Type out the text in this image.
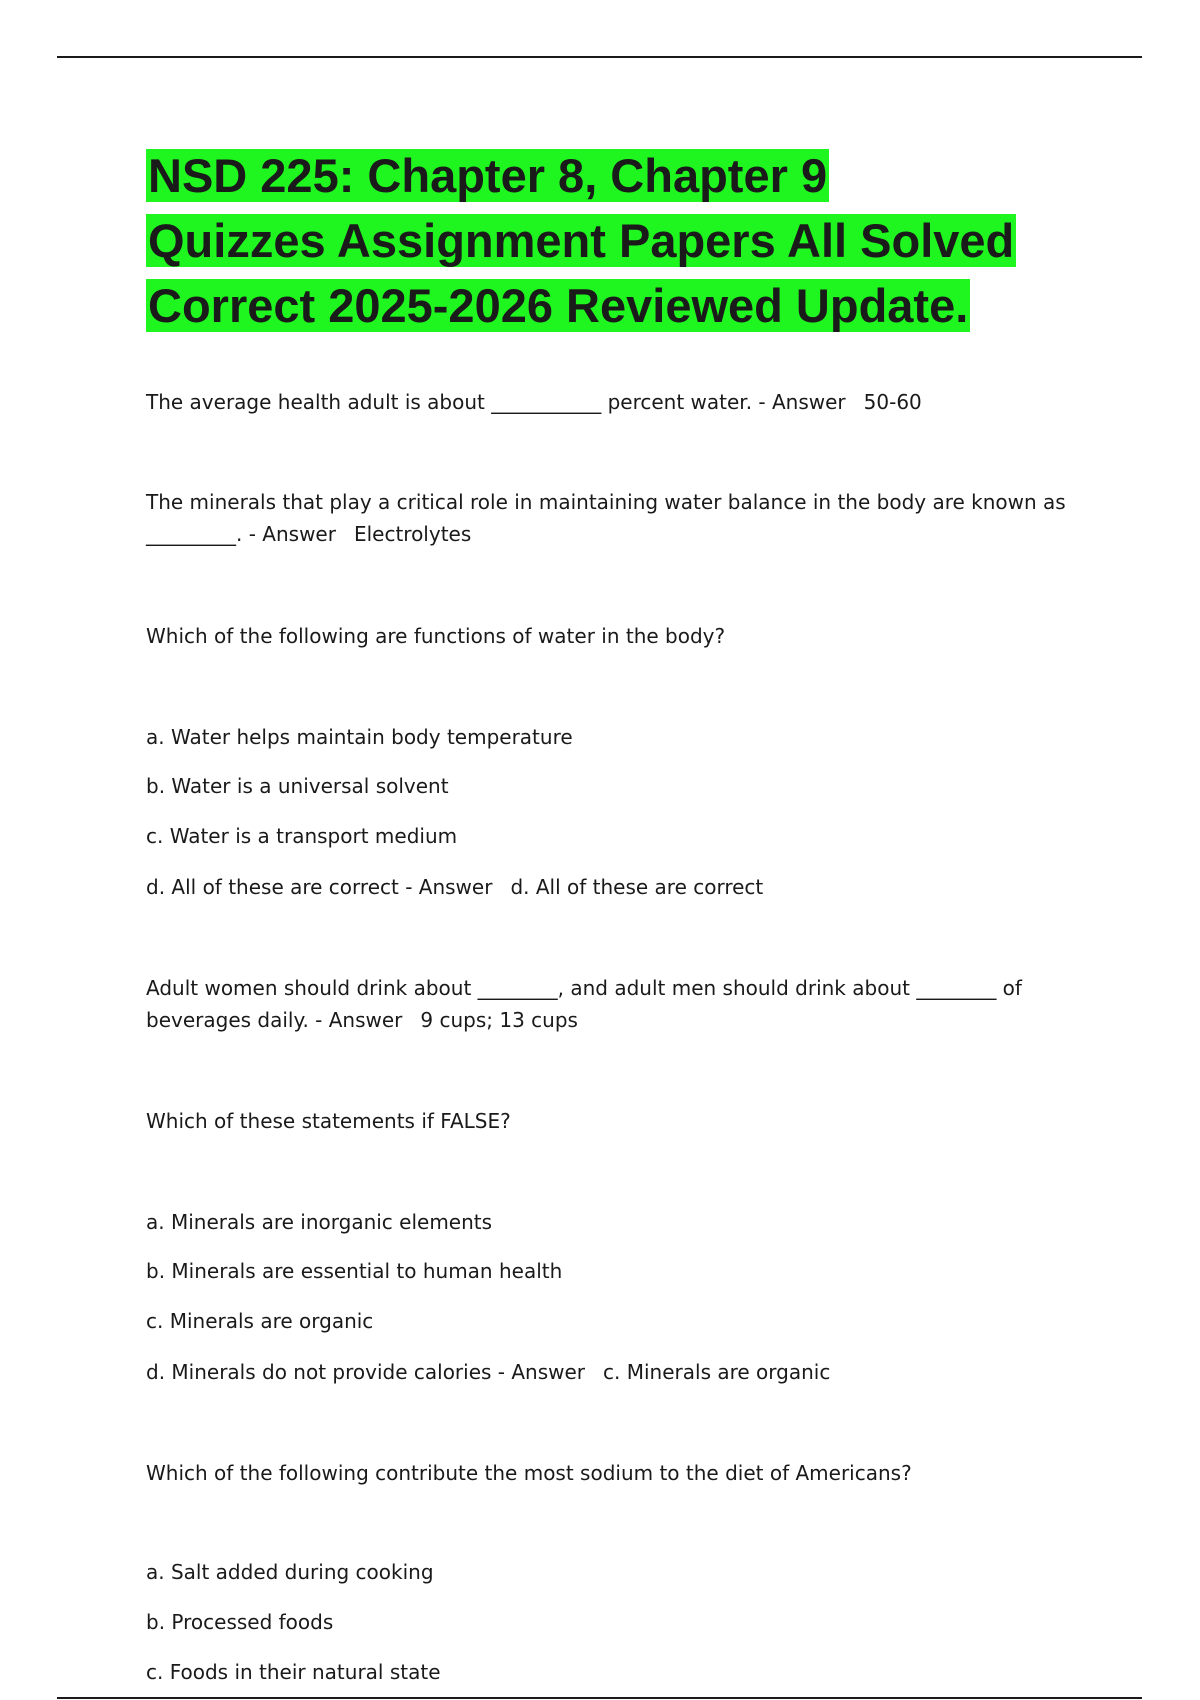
NSD 225: Chapter 8, Chapter 9
Quizzes Assignment Papers All Solved
Correct 2025-2026 Reviewed Update.

The average health adult is about ___________ percent water. - Answer 50-60

The minerals that play a critical role in maintaining water balance in the body are known as

_________. - Answer Electrolytes

Which of the following are functions of water in the body?

a. Water helps maintain body temperature

b. Water is a universal solvent

c. Water is a transport medium

d. All of these are correct - Answer d. All of these are correct

Adult women should drink about ________, and adult men should drink about ________ of

beverages daily. - Answer 9 cups; 13 cups

Which of these statements if FALSE?

a. Minerals are inorganic elements

b. Minerals are essential to human health

c. Minerals are organic

d. Minerals do not provide calories - Answer c. Minerals are organic

Which of the following contribute the most sodium to the diet of Americans?

a. Salt added during cooking

b. Processed foods

c. Foods in their natural state
